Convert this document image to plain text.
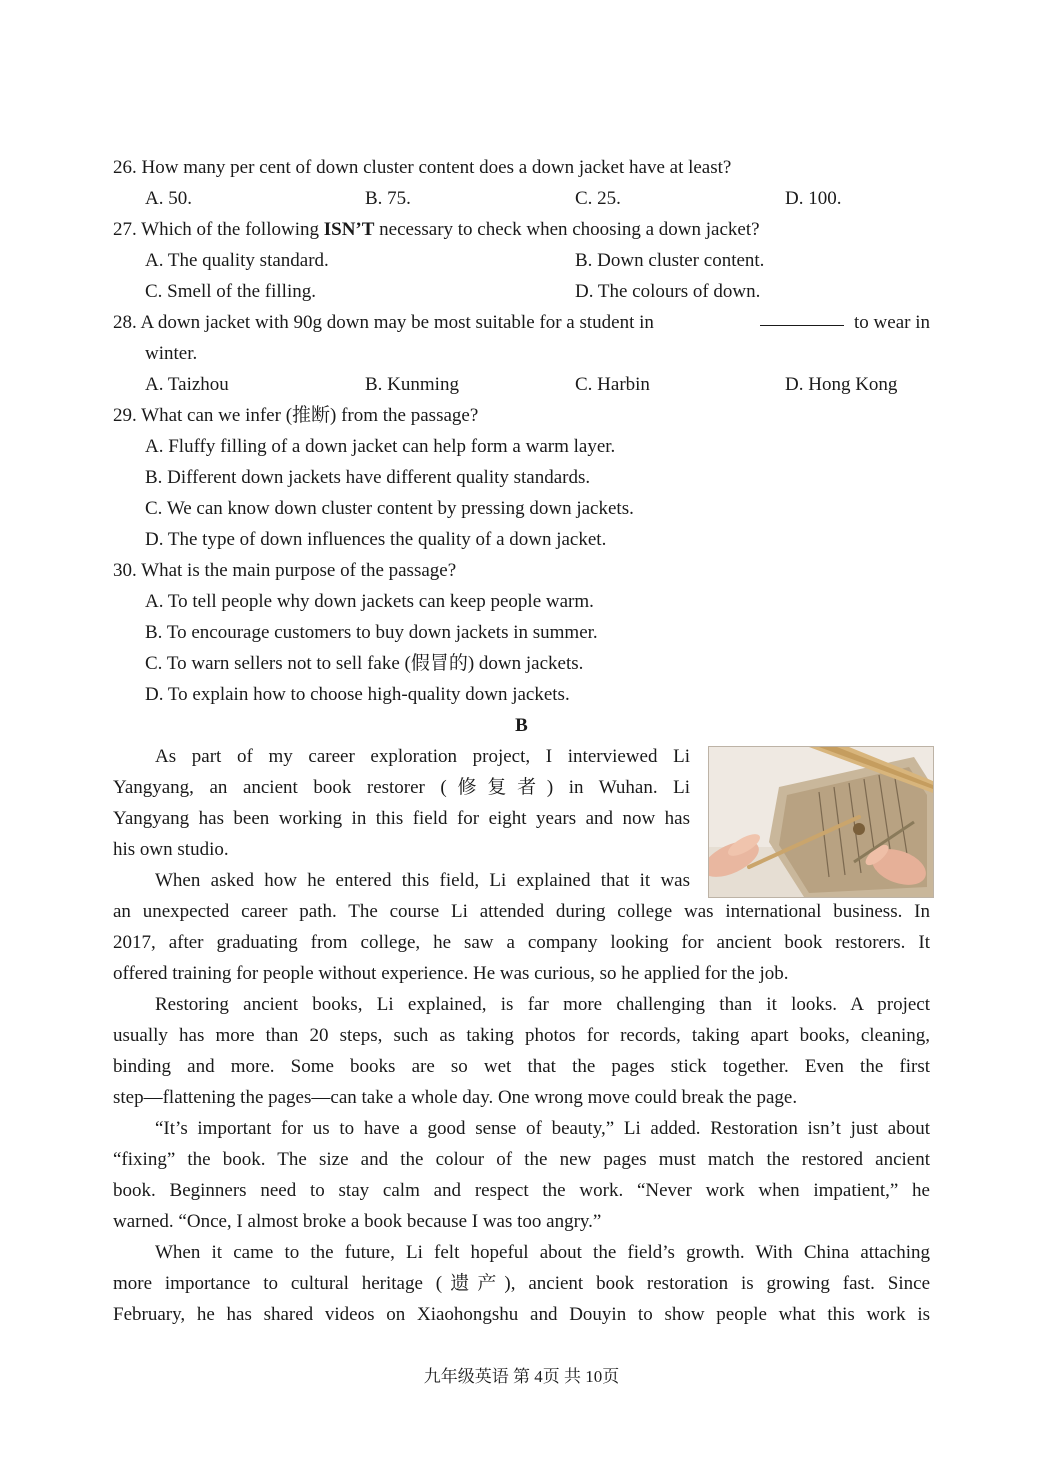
26. How many per cent of down cluster content does a down jacket have at least?
A. 50.	B. 75.	C. 25.	D. 100.
27. Which of the following ISN’T necessary to check when choosing a down jacket?
A. The quality standard.	B. Down cluster content.
C. Smell of the filling.	D. The colours of down.
28. A down jacket with 90g down may be most suitable for a student in	to wear in
winter.
A. Taizhou	B. Kunming	C. Harbin	D. Hong Kong
29. What can we infer (推断) from the passage?
A. Fluffy filling of a down jacket can help form a warm layer.
B. Different down jackets have different quality standards.
C. We can know down cluster content by pressing down jackets.
D. The type of down influences the quality of a down jacket.
30. What is the main purpose of the passage?
A. To tell people why down jackets can keep people warm.
B. To encourage customers to buy down jackets in summer.
C. To warn sellers not to sell fake (假冒的) down jackets.
D. To explain how to choose high-quality down jackets.
B
As part of my career exploration project, I interviewed Li
Yangyang, an ancient book restorer (修复者) in Wuhan. Li
Yangyang has been working in this field for eight years and now has
his own studio.
When asked how he entered this field, Li explained that it was
an unexpected career path. The course Li attended during college was international business. In
2017, after graduating from college, he saw a company looking for ancient book restorers. It
offered training for people without experience. He was curious, so he applied for the job.
Restoring ancient books, Li explained, is far more challenging than it looks. A project
usually has more than 20 steps, such as taking photos for records, taking apart books, cleaning,
binding and more. Some books are so wet that the pages stick together. Even the first
step—flattening the pages—can take a whole day. One wrong move could break the page.
“It’s important for us to have a good sense of beauty,” Li added. Restoration isn’t just about
“fixing” the book. The size and the colour of the new pages must match the restored ancient
book. Beginners need to stay calm and respect the work. “Never work when impatient,” he
warned. “Once, I almost broke a book because I was too angry.”
When it came to the future, Li felt hopeful about the field’s growth. With China attaching
more importance to cultural heritage (遗产), ancient book restoration is growing fast. Since
February, he has shared videos on Xiaohongshu and Douyin to show people what this work is
九年级英语 第 4页 共 10页
